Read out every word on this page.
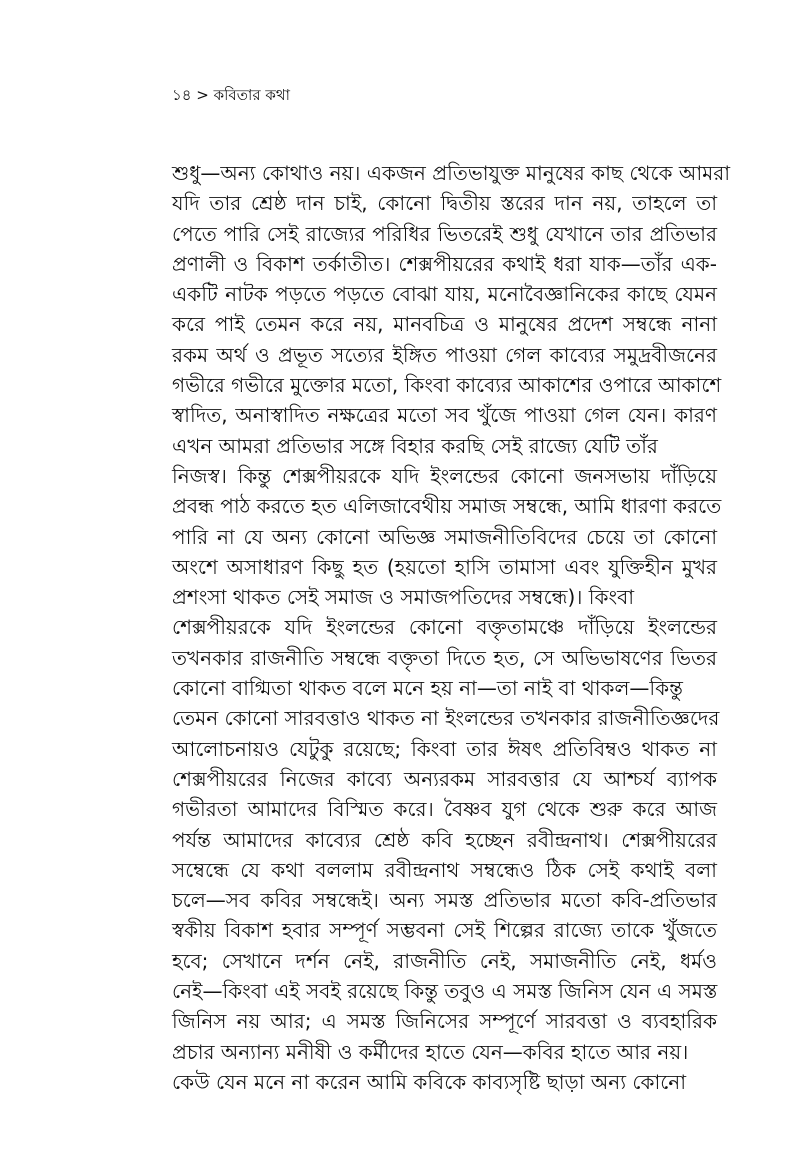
১৪ > কবিতার কথা
শুধু—অন্য কোথাও নয়। একজন প্রতিভাযুক্ত মানুষের কাছ থেকে আমরা
যদি তার শ্রেষ্ঠ দান চাই, কোনো দ্বিতীয় স্তরের দান নয়, তাহলে তা
পেতে পারি সেই রাজ্যের পরিধির ভিতরেই শুধু যেখানে তার প্রতিভার
প্রণালী ও বিকাশ তর্কাতীত। শেক্সপীয়রের কথাই ধরা যাক—তাঁর এক-
একটি নাটক পড়তে পড়তে বোঝা যায়, মনোবৈজ্ঞানিকের কাছে যেমন
করে পাই তেমন করে নয়, মানবচিত্র ও মানুষের প্রদেশ সম্বন্ধে নানা
রকম অর্থ ও প্রভূত সত্যের ইঙ্গিত পাওয়া গেল কাব্যের সমুদ্রবীজনের
গভীরে গভীরে মুক্তোর মতো, কিংবা কাব্যের আকাশের ওপারে আকাশে
স্বাদিত, অনাস্বাদিত নক্ষত্রের মতো সব খুঁজে পাওয়া গেল যেন। কারণ
এখন আমরা প্রতিভার সঙ্গে বিহার করছি সেই রাজ্যে যেটি তাঁর
নিজস্ব। কিন্তু শেক্সপীয়রকে যদি ইংলন্ডের কোনো জনসভায় দাঁড়িয়ে
প্রবন্ধ পাঠ করতে হত এলিজাবেথীয় সমাজ সম্বন্ধে, আমি ধারণা করতে
পারি না যে অন্য কোনো অভিজ্ঞ সমাজনীতিবিদের চেয়ে তা কোনো
অংশে অসাধারণ কিছু হত (হয়তো হাসি তামাসা এবং যুক্তিহীন মুখর
প্রশংসা থাকত সেই সমাজ ও সমাজপতিদের সম্বন্ধে)। কিংবা
শেক্সপীয়রকে যদি ইংলন্ডের কোনো বক্তৃতামঞ্চে দাঁড়িয়ে ইংলন্ডের
তখনকার রাজনীতি সম্বন্ধে বক্তৃতা দিতে হত, সে অভিভাষণের ভিতর
কোনো বাগ্মিতা থাকত বলে মনে হয় না—তা নাই বা থাকল—কিন্তু
তেমন কোনো সারবত্তাও থাকত না ইংলন্ডের তখনকার রাজনীতিজ্ঞদের
আলোচনায়ও যেটুকু রয়েছে; কিংবা তার ঈষৎ প্রতিবিম্বও থাকত না
শেক্সপীয়রের নিজের কাব্যে অন্যরকম সারবত্তার যে আশ্চর্য ব্যাপক
গভীরতা আমাদের বিস্মিত করে। বৈষ্ণব যুগ থেকে শুরু করে আজ
পর্যন্ত আমাদের কাব্যের শ্রেষ্ঠ কবি হচ্ছেন রবীন্দ্রনাথ। শেক্সপীয়রের
সম্বেন্ধে যে কথা বললাম রবীন্দ্রনাথ সম্বন্ধেও ঠিক সেই কথাই বলা
চলে—সব কবির সম্বন্ধেই। অন্য সমস্ত প্রতিভার মতো কবি-প্রতিভার
স্বকীয় বিকাশ হবার সম্পূর্ণ সম্ভবনা সেই শিল্পের রাজ্যে তাকে খুঁজতে
হবে; সেখানে দর্শন নেই, রাজনীতি নেই, সমাজনীতি নেই, ধর্মও
নেই—কিংবা এই সবই রয়েছে কিন্তু তবুও এ সমস্ত জিনিস যেন এ সমস্ত
জিনিস নয় আর; এ সমস্ত জিনিসের সম্পূর্ণে সারবত্তা ও ব্যবহারিক
প্রচার অন্যান্য মনীষী ও কর্মীদের হাতে যেন—কবির হাতে আর নয়।
কেউ যেন মনে না করেন আমি কবিকে কাব্যসৃষ্টি ছাড়া অন্য কোনো
